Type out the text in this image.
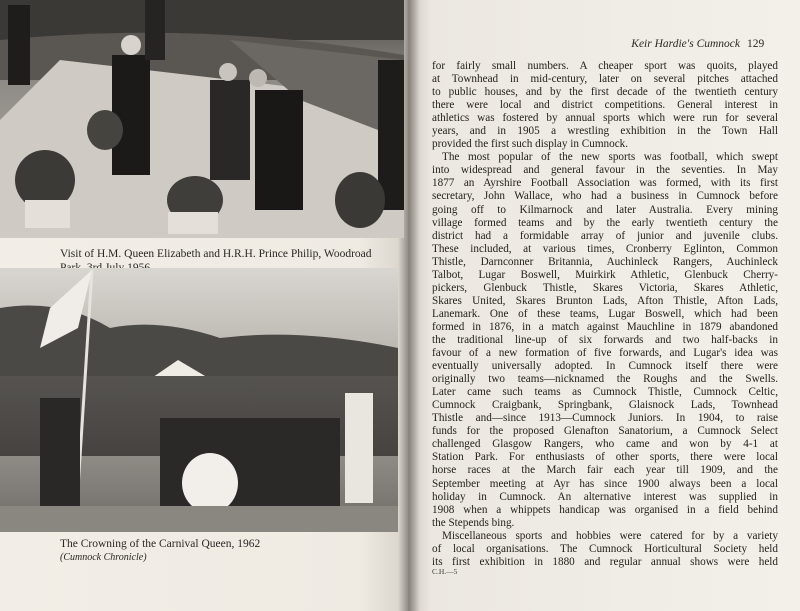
Visit of H.M. Queen Elizabeth and H.R.H. Prince Philip, Woodroad
The Crowning of the Carnival Queen, 1962
(Cumnock Chronicle)
Keir Hardie's Cumnock 129
for fairly small numbers. A cheaper sport was quoits, played
at Townhead in mid-century, later on several pitches attached
to public houses, and by the first decade of the twentieth century
there were local and district competitions. General interest in
athletics was fostered by annual sports which were run for several
years, and in 1905 a wrestling exhibition in the Town Hall
provided the first such display in Cumnock.
The most popular of the new sports was football, which swept
into widespread and general favour in the seventies. In May
1877 an Ayrshire Football Association was formed, with its first
secretary, John Wallace, who had a business in Cumnock before
going off to Kilmarnock and later Australia. Every mining
village formed teams and by the early twentieth century the
district had a formidable array of junior and juvenile clubs.
These included, at various times, Cronberry Eglinton, Common
Thistle, Darnconner Britannia, Auchinleck Rangers, Auchinleck
Talbot, Lugar Boswell, Muirkirk Athletic, Glenbuck Cherry-
pickers, Glenbuck Thistle, Skares Victoria, Skares Athletic,
Skares United, Skares Brunton Lads, Afton Thistle, Afton Lads,
Lanemark. One of these teams, Lugar Boswell, which had been
formed in 1876, in a match against Mauchline in 1879 abandoned
the traditional line-up of six forwards and two half-backs in
favour of a new formation of five forwards, and Lugar's idea was
eventually universally adopted. In Cumnock itself there were
originally two teams—nicknamed the Roughs and the Swells.
Later came such teams as Cumnock Thistle, Cumnock Celtic,
Cumnock Craigbank, Springbank, Glaisnock Lads, Townhead
Thistle and—since 1913—Cumnock Juniors. In 1904, to raise
funds for the proposed Glenafton Sanatorium, a Cumnock Select
challenged Glasgow Rangers, who came and won by 4-1 at
Station Park. For enthusiasts of other sports, there were local
horse races at the March fair each year till 1909, and the
September meeting at Ayr has since 1900 always been a local
holiday in Cumnock. An alternative interest was supplied in
1908 when a whippets handicap was organised in a field behind
the Stepends bing.
Miscellaneous sports and hobbies were catered for by a variety
of local organisations. The Cumnock Horticultural Society held
its first exhibition in 1880 and regular annual shows were held
C.H.—5
